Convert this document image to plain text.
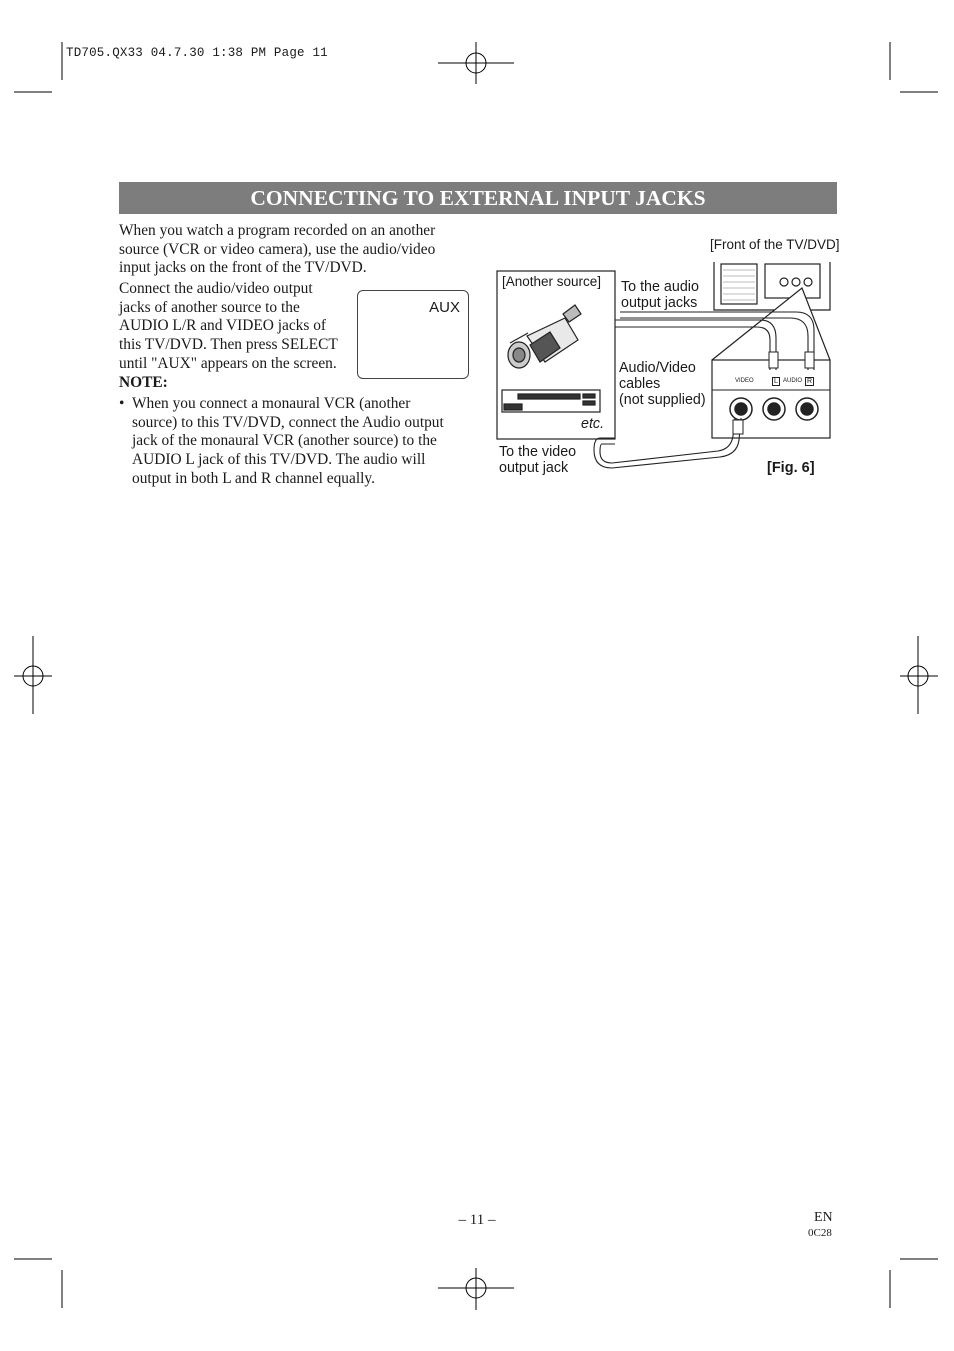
TD705.QX33 04.7.30 1:38 PM Page 11
CONNECTING TO EXTERNAL INPUT JACKS
When you watch a program recorded on an another source (VCR or video camera), use the audio/video input jacks on the front of the TV/DVD.
Connect the audio/video output
jacks of another source to the
AUDIO L/R and VIDEO jacks of
this TV/DVD. Then press SELECT
until "AUX" appears on the screen.
AUX
NOTE:
• When you connect a monaural VCR (another
source) to this TV/DVD, connect the Audio output
jack of the monaural VCR (another source) to the
AUDIO L jack of this TV/DVD. The audio will
output in both L and R channel equally.
[Front of the TV/DVD]
[Another source] To the audio
output jacks
Audio/Video
cables
(not supplied)
To the video
output jack
etc.
[Fig. 6]
VIDEO	AUDIO
L	R
– 11 –	EN
0C28
